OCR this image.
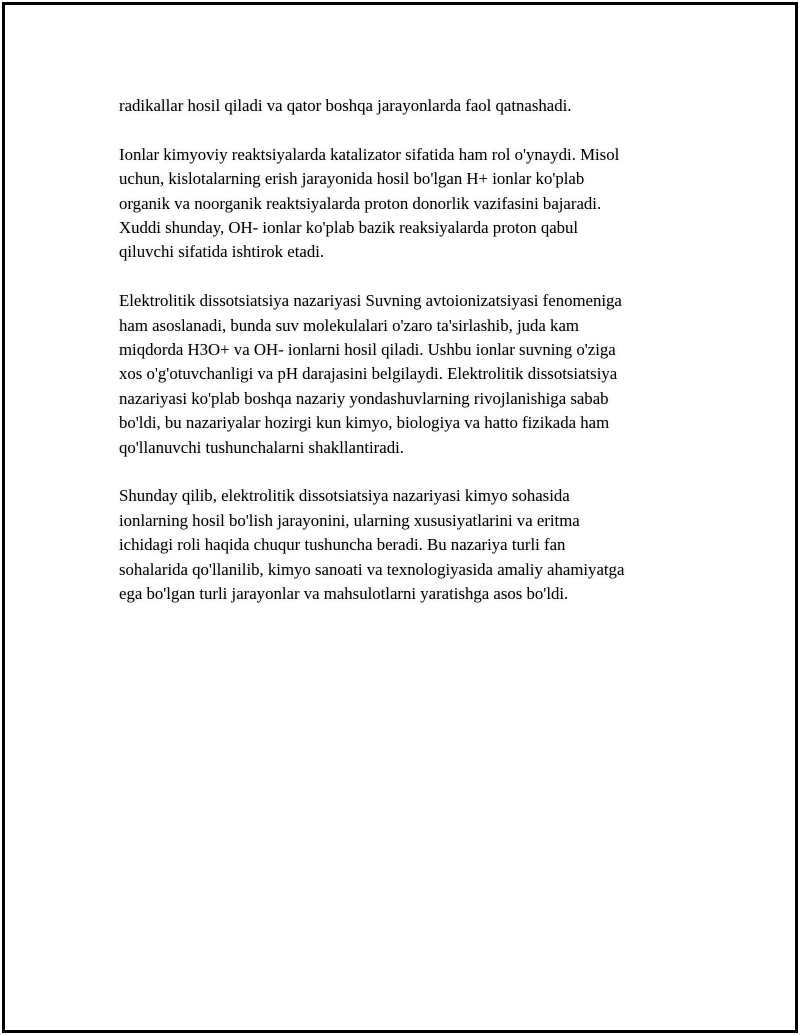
radikallar hosil qiladi va qator boshqa jarayonlarda faol qatnashadi.

Ionlar kimyoviy reaktsiyalarda katalizator sifatida ham rol o'ynaydi. Misol
uchun, kislotalarning erish jarayonida hosil bo'lgan H+ ionlar ko'plab
organik va noorganik reaktsiyalarda proton donorlik vazifasini bajaradi.
Xuddi shunday, OH- ionlar ko'plab bazik reaksiyalarda proton qabul
qiluvchi sifatida ishtirok etadi.

Elektrolitik dissotsiatsiya nazariyasi Suvning avtoionizatsiyasi fenomeniga
ham asoslanadi, bunda suv molekulalari o'zaro ta'sirlashib, juda kam
miqdorda H3O+ va OH- ionlarni hosil qiladi. Ushbu ionlar suvning o'ziga
xos o'g'otuvchanligi va pH darajasini belgilaydi. Elektrolitik dissotsiatsiya
nazariyasi ko'plab boshqa nazariy yondashuvlarning rivojlanishiga sabab
bo'ldi, bu nazariyalar hozirgi kun kimyo, biologiya va hatto fizikada ham
qo'llanuvchi tushunchalarni shakllantiradi.

Shunday qilib, elektrolitik dissotsiatsiya nazariyasi kimyo sohasida
ionlarning hosil bo'lish jarayonini, ularning xususiyatlarini va eritma
ichidagi roli haqida chuqur tushuncha beradi. Bu nazariya turli fan
sohalarida qo'llanilib, kimyo sanoati va texnologiyasida amaliy ahamiyatga
ega bo'lgan turli jarayonlar va mahsulotlarni yaratishga asos bo'ldi.
